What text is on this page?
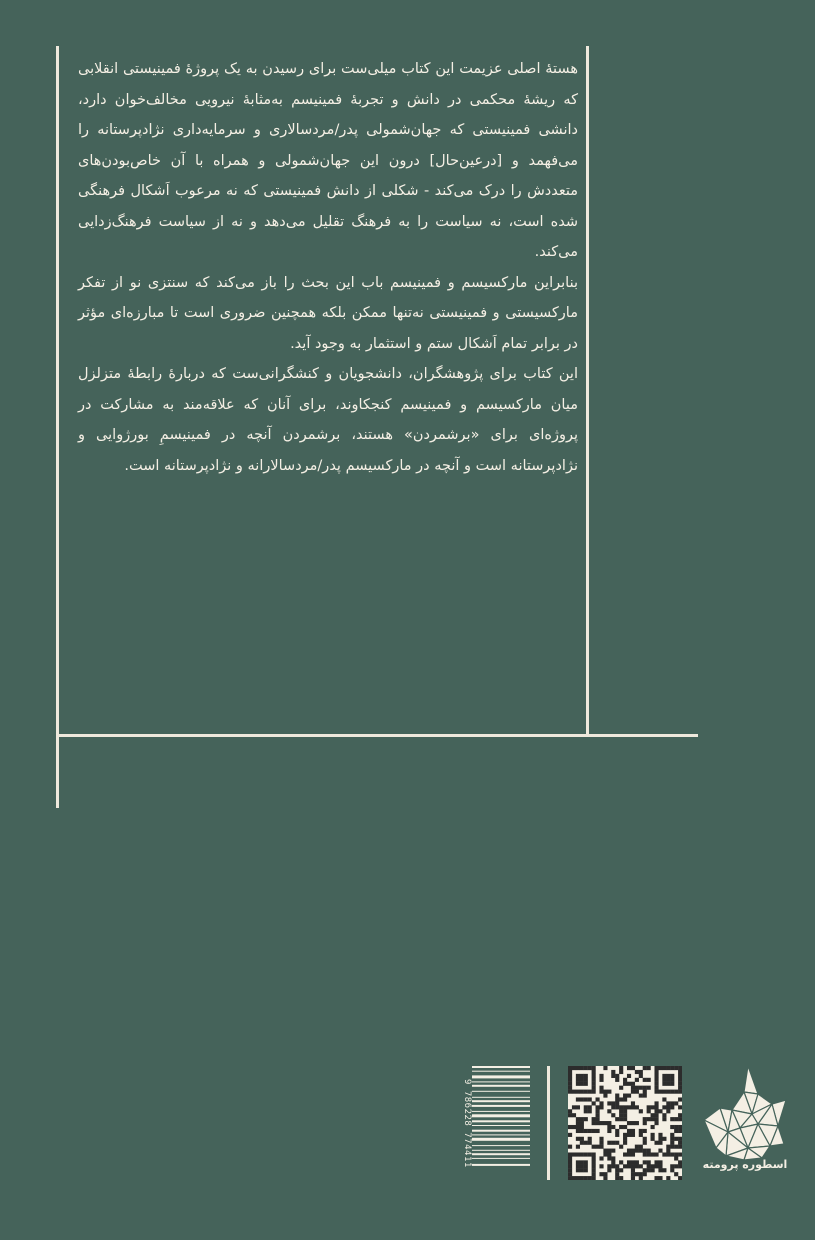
هستهٔ اصلی عزیمت این کتاب میلی‌ست برای رسیدن به یک پروژهٔ فمینیستی انقلابی که ریشهٔ محکمی در دانش و تجربهٔ فمینیسم به‌مثابهٔ نیرویی مخالف‌خوان دارد، دانشی فمینیستی که جهان‌شمولی پدر/مردسالاری و سرمایه‌داری نژادپرستانه را می‌فهمد و [درعین‌حال] درون این جهان‌شمولی و همراه با آن خاص‌بودن‌های متعددش را درک می‌کند - شکلی از دانش فمینیستی که نه مرعوب اَشکال فرهنگی شده است، نه سیاست را به فرهنگ تقلیل می‌دهد و نه از سیاست فرهنگ‌زدایی می‌کند.

بنابراین مارکسیسم و فمینیسم باب این بحث را باز می‌کند که سنتزی نو از تفکر مارکسیستی و فمینیستی نه‌تنها ممکن بلکه همچنین ضروری است تا مبارزه‌ای مؤثر در برابر تمام اَشکال ستم و استثمار به وجود آید.

این کتاب برای پژوهشگران، دانشجویان و کنشگرانی‌ست که دربارهٔ رابطهٔ متزلزل میان مارکسیسم و فمینیسم کنجکاوند، برای آنان که علاقه‌مند به مشارکت در پروژه‌ای برای «برشمردن» هستند، برشمردن آنچه در فمینیسمِ بورژوایی و نژادپرستانه است و آنچه در مارکسیسم پدر/مردسالارانه و نژادپرستانه است.

9 786228 774411	اسطوره پرومته
